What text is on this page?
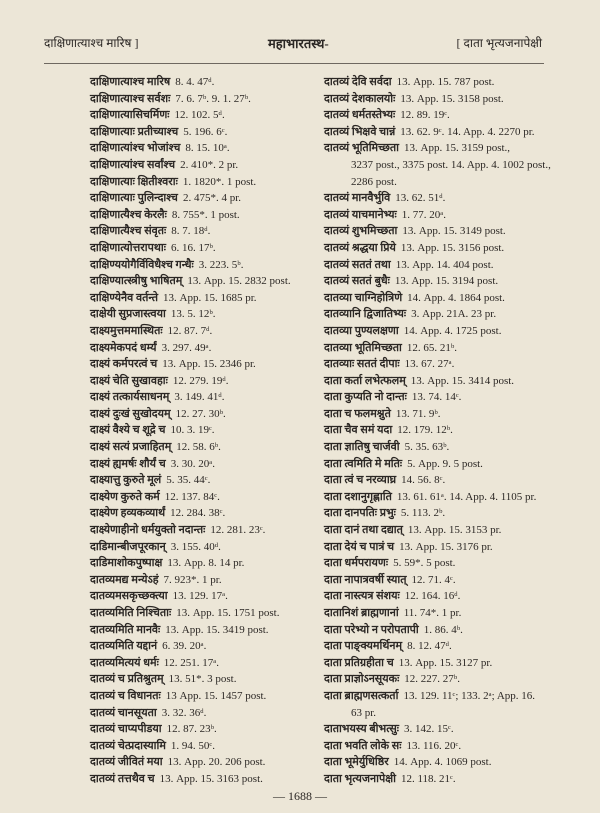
दाक्षिणात्याश्च मारिष ]	महाभारतस्थ-	[ दाता भृत्यजनापेक्षी
दाक्षिणात्याश्च मारिष 8. 4. 47ᵈ.
दाक्षिणात्याश्च सर्वशः 7. 6. 7ᵇ. 9. 1. 27ᵇ.
दाक्षिणात्यासिचर्मिणः 12. 102. 5ᵈ.
दाक्षिणात्याः प्रतीच्याश्च 5. 196. 6ᶜ.
दाक्षिणात्यांश्च भोजांश्च 8. 15. 10ᵃ.
दाक्षिणात्यांश्च सर्वांश्च 2. 410*. 2 pr.
दाक्षिणात्याः क्षितीश्वराः 1. 1820*. 1 post.
दाक्षिणात्याः पुलिन्दाश्च 2. 475*. 4 pr.
दाक्षिणात्यैश्च केरलैः 8. 755*. 1 post.
दाक्षिणात्यैश्च संवृतः 8. 7. 18ᵈ.
दाक्षिणात्योत्तरापथाः 6. 16. 17ᵇ.
दाक्षिण्ययोगैर्विविधैश्च गन्धैः 3. 223. 5ᵇ.
दाक्षिण्यात्स्त्रीषु भाषितम् 13. App. 15. 2832 post.
दाक्षिण्येनैव वर्तन्ते 13. App. 15. 1685 pr.
दाक्षेयी सुप्रजास्त्वया 13. 5. 12ᵇ.
दाक्ष्यमुत्तममास्थितः 12. 87. 7ᵈ.
दाक्ष्यमेकपदं धर्म्यं 3. 297. 49ᵃ.
दाक्ष्यं कर्मपरत्वं च 13. App. 15. 2346 pr.
दाक्ष्यं चेति सुखावहाः 12. 279. 19ᵈ.
दाक्ष्यं तत्कार्यसाधनम् 3. 149. 41ᵈ.
दाक्ष्यं दुःखं सुखोदयम् 12. 27. 30ᵇ.
दाक्ष्यं वैश्ये च शूद्रे च 10. 3. 19ᶜ.
दाक्ष्यं सत्यं प्रजाहितम् 12. 58. 6ᵇ.
दाक्ष्यं ह्यमर्षः शौर्यं च 3. 30. 20ᵃ.
दाक्ष्यात्तु कुरुते मूलं 5. 35. 44ᶜ.
दाक्ष्येण कुरुते कर्म 12. 137. 84ᶜ.
दाक्ष्येण हव्यकव्यार्थं 12. 284. 38ᶜ.
दाक्ष्येणाहीनो धर्मयुक्तो नदान्तः 12. 281. 23ᶜ.
दाडिमान्बीजपूरकान् 3. 155. 40ᵈ.
दाडिमाशोकपुष्पाक्ष 13. App. 8. 14 pr.
दातव्यमद्य मन्येऽहं 7. 923*. 1 pr.
दातव्यमसकृच्छक्त्या 13. 129. 17ᵃ.
दातव्यमिति निश्चिताः 13. App. 15. 1751 post.
दातव्यमिति मानवैः 13. App. 15. 3419 post.
दातव्यमिति यद्दानं 6. 39. 20ᵃ.
दातव्यमित्ययं धर्मः 12. 251. 17ᵃ.
दातव्यं च प्रतिश्रुतम् 13. 51*. 3 post.
दातव्यं च विधानतः 13 App. 15. 1457 post.
दातव्यं चानसूयता 3. 32. 36ᵈ.
दातव्यं चाप्यपीडया 12. 87. 23ᵇ.
दातव्यं चेत्प्रदास्यामि 1. 94. 50ᶜ.
दातव्यं जीवितं मया 13. App. 20. 206 post.
दातव्यं तत्तथैव च 13. App. 15. 3163 post.
दातव्यं देवि सर्वदा 13. App. 15. 787 post.
दातव्यं देशकालयोः 13. App. 15. 3158 post.
दातव्यं धर्मतस्तेभ्यः 12. 89. 19ᶜ.
दातव्यं भिक्षवे चान्नं 13. 62. 9ᶜ. 14. App. 4. 2270 pr.
दातव्यं भूतिमिच्छता 13. App. 15. 3159 post.,
3237 post., 3375 post. 14. App. 4. 1002 post.,
2286 post.
दातव्यं मानवैर्भुवि 13. 62. 51ᵈ.
दातव्यं याचमानेभ्यः 1. 77. 20ᵃ.
दातव्यं शुभमिच्छता 13. App. 15. 3149 post.
दातव्यं श्रद्धया प्रिये 13. App. 15. 3156 post.
दातव्यं सततं तथा 13. App. 14. 404 post.
दातव्यं सततं बुधैः 13. App. 15. 3194 post.
दातव्या चाग्निहोत्रिणे 14. App. 4. 1864 post.
दातव्यानि द्विजातिभ्यः 3. App. 21A. 23 pr.
दातव्या पुण्यलक्षणा 14. App. 4. 1725 post.
दातव्या भूतिमिच्छता 12. 65. 21ᵇ.
दातव्याः सततं दीपाः 13. 67. 27ᵃ.
दाता कर्ता लभेत्फलम् 13. App. 15. 3414 post.
दाता कुप्यति नो दान्तः 13. 74. 14ᶜ.
दाता च फलमश्नुते 13. 71. 9ᵇ.
दाता चैव समं यदा 12. 179. 12ᵇ.
दाता ज्ञातिषु चार्जवी 5. 35. 63ᵇ.
दाता त्वमिति मे मतिः 5. App. 9. 5 post.
दाता त्वं च नरव्याघ्र 14. 56. 8ᶜ.
दाता दशानुगृह्णाति 13. 61. 61ᵃ. 14. App. 4. 1105 pr.
दाता दानपतिः प्रभुः 5. 113. 2ᵇ.
दाता दानं तथा दद्यात् 13. App. 15. 3153 pr.
दाता देयं च पात्रं च 13. App. 15. 3176 pr.
दाता धर्मपरायणः 5. 59*. 5 post.
दाता नापात्रवर्षी स्यात् 12. 71. 4ᶜ.
दाता नास्त्यत्र संशयः 12. 164. 16ᵈ.
दातानिशं ब्राह्मणानां 11. 74*. 1 pr.
दाता परेभ्यो न परोपतापी 1. 86. 4ᵇ.
दाता पाङ्क्यमर्थिनम् 8. 12. 47ᵈ.
दाता प्रतिग्रहीता च 13. App. 15. 3127 pr.
दाता प्राज्ञोऽनसूयकः 12. 227. 27ᵇ.
दाता ब्राह्मणसत्कर्ता 13. 129. 11ᶜ; 133. 2ᵃ; App. 16.
63 pr.
दाताभयस्य बीभत्सुः 3. 142. 15ᶜ.
दाता भवति लोके सः 13. 116. 20ᶜ.
दाता भूमेर्युधिष्ठिर 14. App. 4. 1069 post.
दाता भृत्यजनापेक्षी 12. 118. 21ᶜ.
— 1688 —
